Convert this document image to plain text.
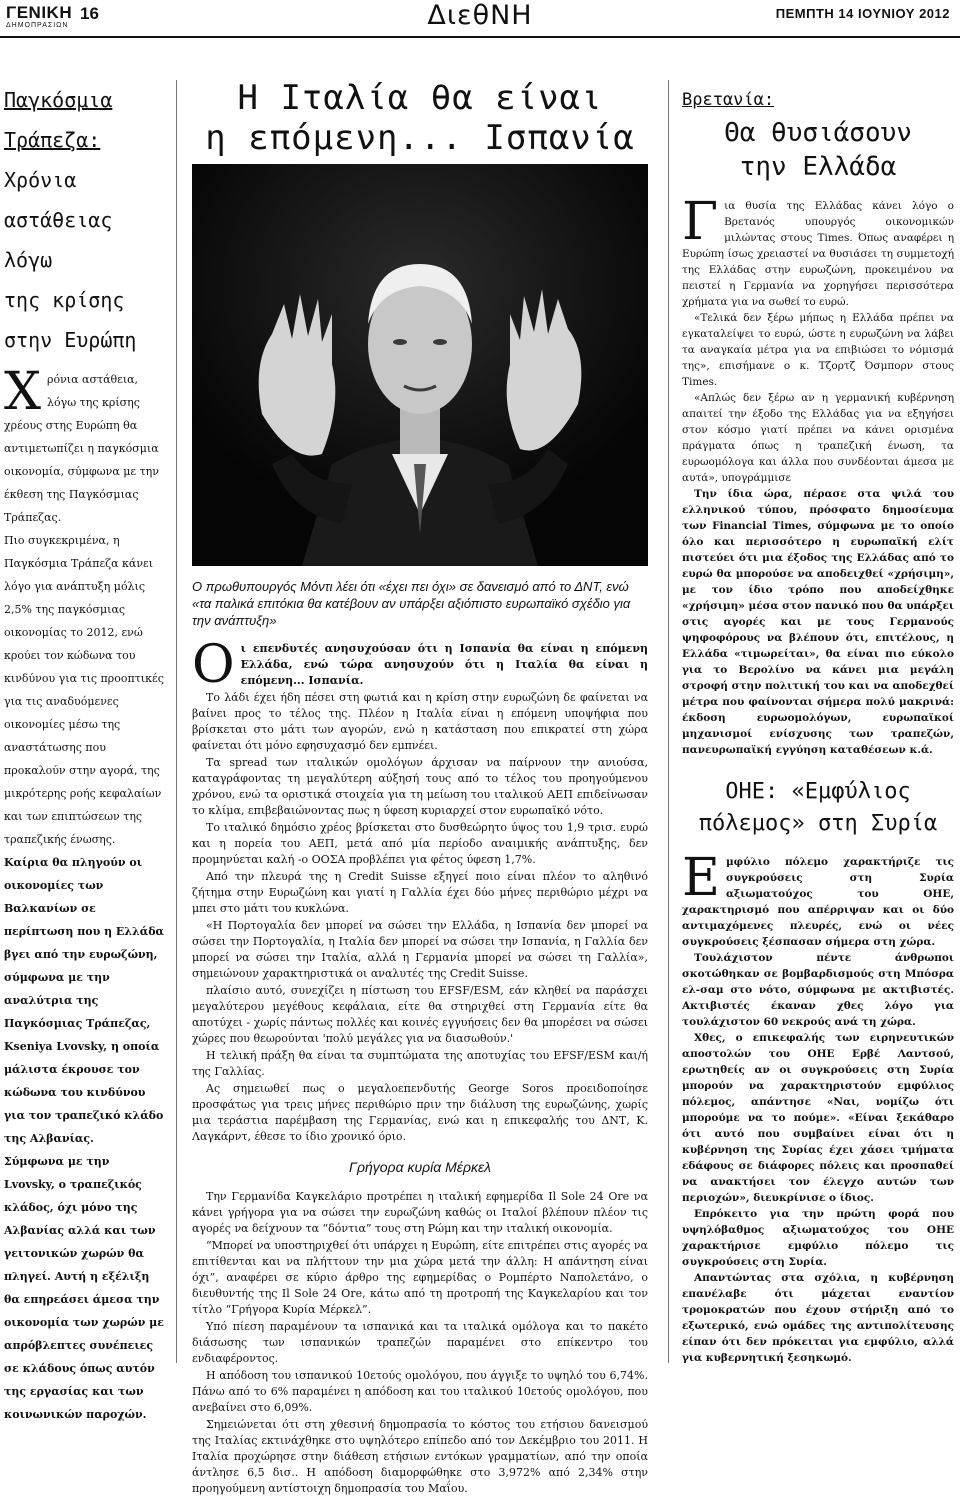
ΓΕΝΙΚΗ
ΔΗΜΟΠΡΑΣΙΩΝ
16	ΔιεθΝΗ	ΠΕΜΠΤΗ 14 ΙΟΥΝΙΟΥ 2012
Παγκόσμια
Τράπεζα:
Χρόνια
αστάθειας
λόγω
της κρίσης
στην Ευρώπη

Χρόνια αστάθεια, λόγω της κρίσης χρέους στης Ευρώπη θα αντιμετωπίζει η παγκόσμια οικονομία, σύμφωνα με την έκθεση της Παγκόσμιας Τράπεζας.

Πιο συγκεκριμένα, η Παγκόσμια Τράπεζα κάνει λόγο για ανάπτυξη μόλις 2,5% της παγκόσμιας οικονομίας το 2012, ενώ κρούει τον κώδωνα του κινδύνου για τις προοπτικές για τις αναδυόμενες οικονομίες μέσω της αναστάτωσης που προκαλούν στην αγορά, της μικρότερης ροής κεφαλαίων και των επιπτώσεων της τραπεζικής ένωσης.

Καίρια θα πληγούν οι οικονομίες των Βαλκανίων σε περίπτωση που η Ελλάδα βγει από την ευρωζώνη, σύμφωνα με την αναλύτρια της Παγκόσμιας Τράπεζας, Kseniya Lvovsky, η οποία μάλιστα έκρουσε τον κώδωνα του κινδύνου για τον τραπεζικό κλάδο της Αλβανίας.

Σύμφωνα με την Lvovsky, ο τραπεζικός κλάδος, όχι μόνο της Αλβανίας αλλά και των γειτονικών χωρών θα πληγεί. Αυτή η εξέλιξη θα επηρεάσει άμεσα την οικονομία των χωρών με απρόβλεπτες συνέπειες σε κλάδους όπως αυτόν της εργασίας και των κοινωνικών παροχών.

Η Ιταλία θα είναι
η επόμενη... Ισπανία
Ο πρωθυπουργός Μόντι λέει ότι «έχει πει όχι» σε δανεισμό από το ΔΝΤ, ενώ «τα παλικά επιτόκια θα κατέβουν αν υπάρξει αξιόπιστο ευρωπαϊκό σχέδιο για την ανάπτυξη»

Οι επενδυτές ανησυχούσαν ότι η Ισπανία θα είναι η επόμενη Ελλάδα, ενώ τώρα ανησυχούν ότι η Ιταλία θα είναι η επόμενη... Ισπανία.

Το λάδι έχει ήδη πέσει στη φωτιά και η κρίση στην ευρωζώνη δε φαίνεται να βαίνει προς το τέλος της. Πλέον η Ιταλία είναι η επόμενη υποψήφια που βρίσκεται στο μάτι των αγορών, ενώ η κατάσταση που επικρατεί στη χώρα φαίνεται ότι μόνο εφησυχασμό δεν εμπνέει.

Τα spread των ιταλικών ομολόγων άρχισαν να παίρνουν την ανιούσα, καταγράφοντας τη μεγαλύτερη αύξησή τους από το τέλος του προηγούμενου χρόνου, ενώ τα οριστικά στοιχεία για τη μείωση του ιταλικού ΑΕΠ επιδείνωσαν το κλίμα, επιβεβαιώνοντας πως η ύφεση κυριαρχεί στον ευρωπαϊκό νότο.

Το ιταλικό δημόσιο χρέος βρίσκεται στο δυσθεώρητο ύψος του 1,9 τρισ. ευρώ και η πορεία του ΑΕΠ, μετά από μία περίοδο αναιμικής ανάπτυξης, δεν προμηνύεται καλή -ο ΟΟΣΑ προβλέπει για φέτος ύφεση 1,7%.

Από την πλευρά της η Credit Suisse εξηγεί ποιο είναι πλέον το αληθινό ζήτημα στην Ευρωζώνη και γιατί η Γαλλία έχει δύο μήνες περιθώριο μέχρι να μπει στο μάτι του κυκλώνα.

«Η Πορτογαλία δεν μπορεί να σώσει την Ελλάδα, η Ισπανία δεν μπορεί να σώσει την Πορτογαλία, η Ιταλία δεν μπορεί να σώσει την Ισπανία, η Γαλλία δεν μπορεί να σώσει την Ιταλία, αλλά η Γερμανία μπορεί να σώσει τη Γαλλία», σημειώνουν χαρακτηριστικά οι αναλυτές της Credit Suisse.

πλαίσιο αυτό, συνεχίζει η πίστωση του EFSF/ESM, εάν κληθεί να παράσχει μεγαλύτερου μεγέθους κεφάλαια, είτε θα στηριχθεί στη Γερμανία είτε θα αποτύχει - χωρίς πάντως πολλές και κοινές εγγυήσεις δεν θα μπορέσει να σώσει χώρες που θεωρούνται 'πολύ μεγάλες για να διασωθούν.'

Η τελική πράξη θα είναι τα συμπτώματα της αποτυχίας του EFSF/ESM και/ή της Γαλλίας.

Ας σημειωθεί πως ο μεγαλοεπενδυτής George Soros προειδοποίησε προσφάτως για τρεις μήνες περιθώριο πριν την διάλυση της ευρωζώνης, χωρίς μια τεράστια παρέμβαση της Γερμανίας, ενώ και η επικεφαλής του ΔΝΤ, Κ. Λαγκάρντ, έθεσε το ίδιο χρονικό όριο.

Γρήγορα κυρία Μέρκελ

Την Γερμανίδα Καγκελάριο προτρέπει η ιταλική εφημερίδα Il Sole 24 Ore να κάνει γρήγορα για να σώσει την ευρωζώνη καθώς οι Ιταλοί βλέπουν πλέον τις αγορές να δείχνουν τα “δόντια” τους στη Ρώμη και την ιταλική οικονομία.

“Μπορεί να υποστηριχθεί ότι υπάρχει η Ευρώπη, είτε επιτρέπει στις αγορές να επιτίθενται και να πλήττουν την μια χώρα μετά την άλλη: Η απάντηση είναι όχι”, αναφέρει σε κύριο άρθρο της εφημερίδας ο Ρομπέρτο Ναπολετάνο, ο διευθυντής της Il Sole 24 Ore, κάτω από τη προτροπή της Καγκελαρίου και τον τίτλο “Γρήγορα Κυρία Μέρκελ”.

Υπό πίεση παραμένουν τα ισπανικά και τα ιταλικά ομόλογα και το πακέτο διάσωσης των ισπανικών τραπεζών παραμένει στο επίκεντρο του ενδιαφέροντος.

Η απόδοση του ισπανικού 10ετούς ομολόγου, που άγγιξε το υψηλό του 6,74%. Πάνω από το 6% παραμένει η απόδοση και του ιταλικού 10ετούς ομολόγου, που ανεβαίνει στο 6,09%.

Σημειώνεται ότι στη χθεσινή δημοπρασία το κόστος του ετήσιου δανεισμού της Ιταλίας εκτινάχθηκε στο υψηλότερο επίπεδο από τον Δεκέμβριο του 2011. Η Ιταλία προχώρησε στην διάθεση ετήσιων εντόκων γραμματίων, από την οποία άντλησε 6,5 δισ.. Η απόδοση διαμορφώθηκε στο 3,972% από 2,34% στην προηγούμενη αντίστοιχη δημοπρασία του Μαΐου.

Βρετανία:
Θα θυσιάσουν
την Ελλάδα

Για θυσία της Ελλάδας κάνει λόγο ο Βρετανός υπουργός οικονομικών μιλώντας στους Times. Όπως αναφέρει η Ευρώπη ίσως χρειαστεί να θυσιάσει τη συμμετοχή της Ελλάδας στην ευρωζώνη, προκειμένου να πειστεί η Γερμανία να χορηγήσει περισσότερα χρήματα για να σωθεί το ευρώ.

«Τελικά δεν ξέρω μήπως η Ελλάδα πρέπει να εγκαταλείψει το ευρώ, ώστε η ευρωζώνη να λάβει τα αναγκαία μέτρα για να επιβιώσει το νόμισμά της», επισήμανε ο κ. Τζορτζ Όσμπορν στους Times.

«Απλώς δεν ξέρω αν η γερμανική κυβέρνηση απαιτεί την έξοδο της Ελλάδας για να εξηγήσει στον κόσμο γιατί πρέπει να κάνει ορισμένα πράγματα όπως η τραπεζική ένωση, τα ευρωομόλογα και άλλα που συνδέονται άμεσα με αυτά», υπογράμμισε

Την ίδια ώρα, πέρασε στα ψιλά του ελληνικού τύπου, πρόσφατο δημοσίευμα των Financial Times, σύμφωνα με το οποίο όλο και περισσότερο η ευρωπαϊκή ελίτ πιστεύει ότι μια έξοδος της Ελλάδας από το ευρώ θα μπορούσε να αποδειχθεί «χρήσιμη», με τον ίδιο τρόπο που αποδείχθηκε «χρήσιμη» μέσα στον πανικό που θα υπάρξει στις αγορές και με τους Γερμανούς ψηφοφόρους να βλέπουν ότι, επιτέλους, η Ελλάδα «τιμωρείται», θα είναι πιο εύκολο για το Βερολίνο να κάνει μια μεγάλη στροφή στην πολιτική του και να αποδεχθεί μέτρα που φαίνονται σήμερα πολύ μακρινά: έκδοση ευρωομολόγων, ευρωπαϊκοί μηχανισμοί ενίσχυσης των τραπεζών, πανευρωπαϊκή εγγύηση καταθέσεων κ.ά.

ΟΗΕ: «Εμφύλιος
πόλεμος» στη Συρία

Εμφύλιο πόλεμο χαρακτήριζε τις συγκρούσεις στη Συρία αξιωματούχος του ΟΗΕ, χαρακτηρισμό που απέρριψαν και οι δύο αντιμαχόμενες πλευρές, ενώ οι νέες συγκρούσεις ξέσπασαν σήμερα στη χώρα.

Τουλάχιστον πέντε άνθρωποι σκοτώθηκαν σε βομβαρδισμούς στη Μπόσρα ελ-σαμ στο νότο, σύμφωνα με ακτιβιστές. Ακτιβιστές έκαναν χθες λόγο για τουλάχιστον 60 νεκρούς ανά τη χώρα.

Χθες, ο επικεφαλής των ειρηνευτικών αποστολών του ΟΗΕ Ερβέ Λαντσού, ερωτηθείς αν οι συγκρούσεις στη Συρία μπορούν να χαρακτηριστούν εμφύλιος πόλεμος, απάντησε «Ναι, νομίζω ότι μπορούμε να το πούμε». «Είναι ξεκάθαρο ότι αυτό που συμβαίνει είναι ότι η κυβέρνηση της Συρίας έχει χάσει τμήματα εδάφους σε διάφορες πόλεις και προσπαθεί να ανακτήσει τον έλεγχο αυτών των περιοχών», διευκρίνισε ο ίδιος.

Επρόκειτο για την πρώτη φορά που υψηλόβαθμος αξιωματούχος του ΟΗΕ χαρακτήρισε εμφύλιο πόλεμο τις συγκρούσεις στη Συρία.

Απαντώντας στα σχόλια, η κυβέρνηση επανέλαβε ότι μάχεται εναντίον τρομοκρατών που έχουν στήριξη από το εξωτερικό, ενώ ομάδες της αντιπολίτευσης είπαν ότι δεν πρόκειται για εμφύλιο, αλλά για κυβερνητική ξεσηκωμό.
